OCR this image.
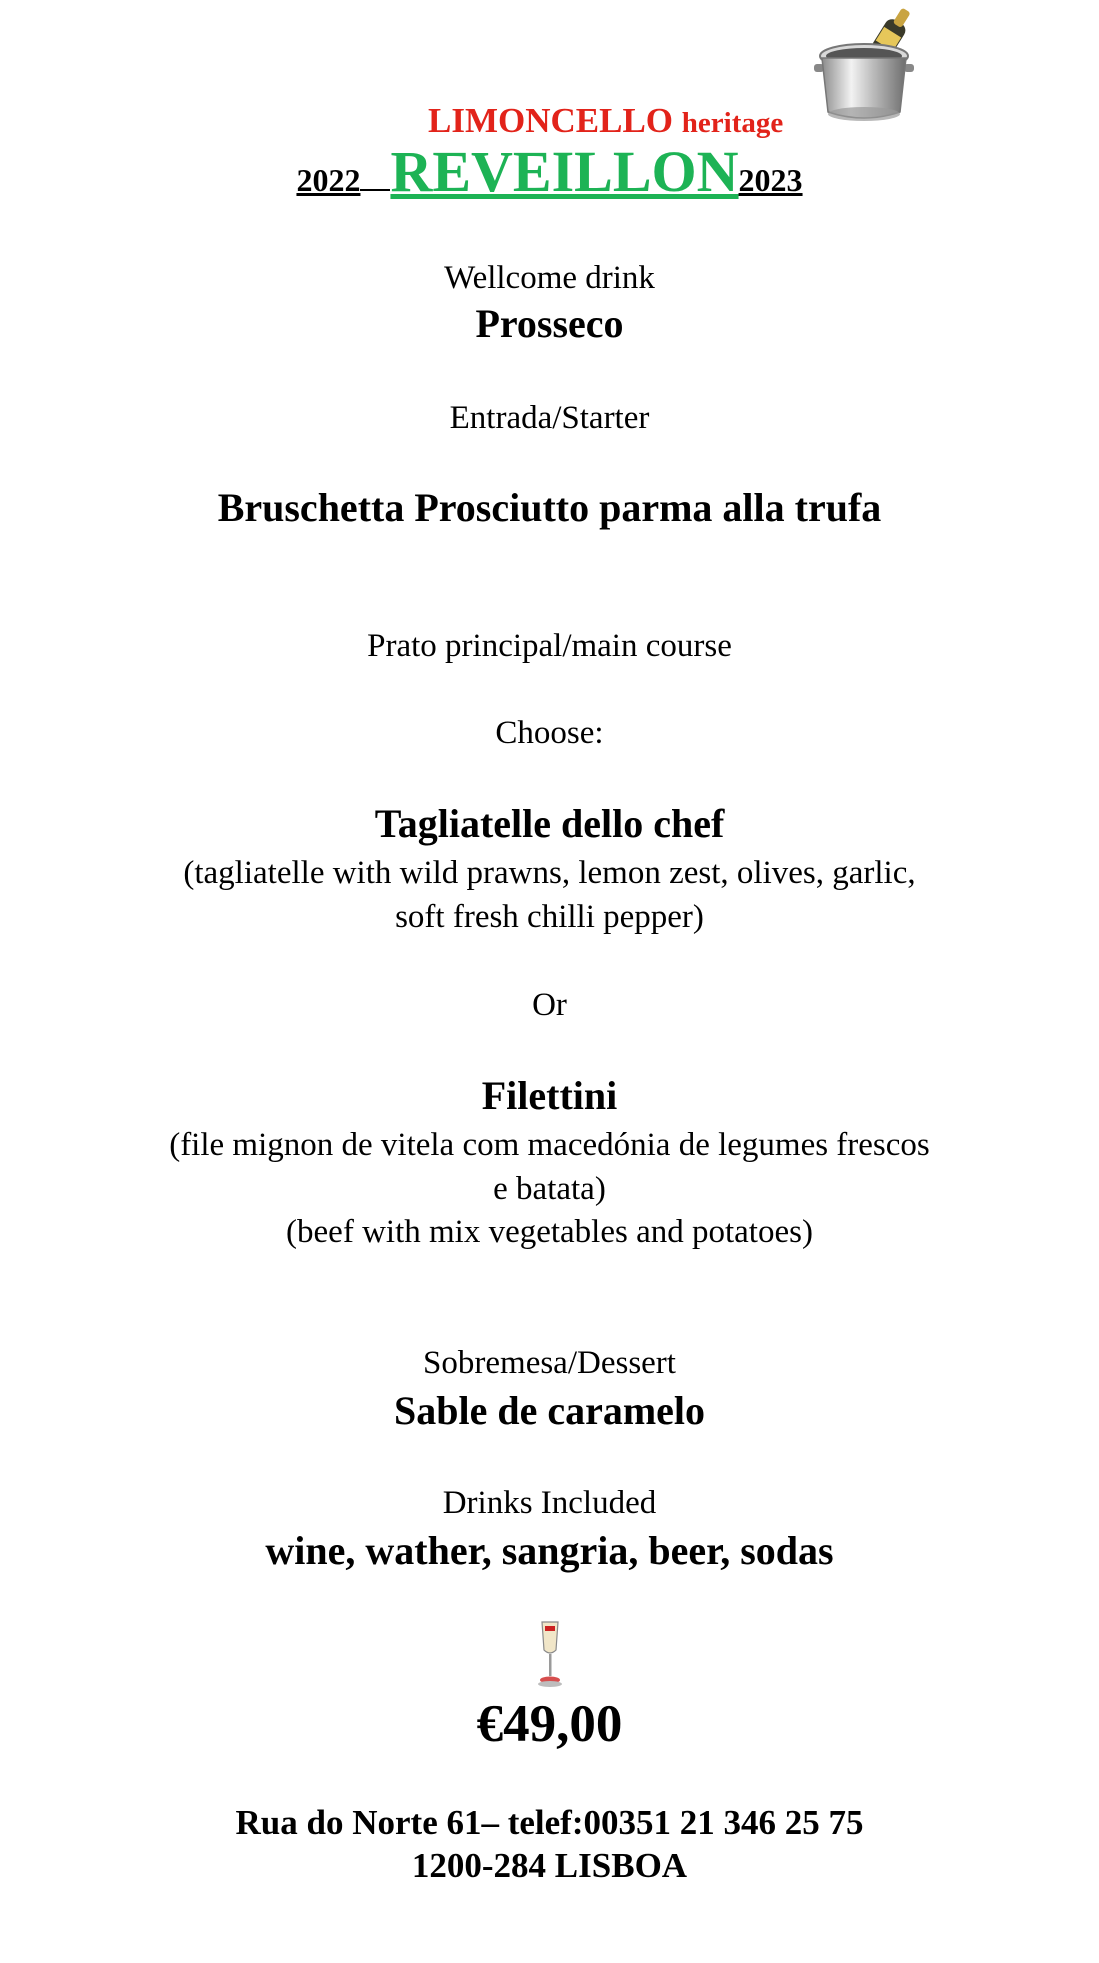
LIMONCELLO heritage
2022 REVEILLON2023
Wellcome drink
Prosseco
Entrada/Starter
Bruschetta Prosciutto parma alla trufa
Prato principal/main course
Choose:
Tagliatelle dello chef
(tagliatelle with wild prawns, lemon zest, olives, garlic,
soft fresh chilli pepper)
Or
Filettini
(file mignon de vitela com macedónia de legumes frescos
e batata)
(beef with mix vegetables and potatoes)
Sobremesa/Dessert
Sable de caramelo
Drinks Included
wine, wather, sangria, beer, sodas
€49,00
Rua do Norte 61– telef:00351 21 346 25 75
1200-284 LISBOA
